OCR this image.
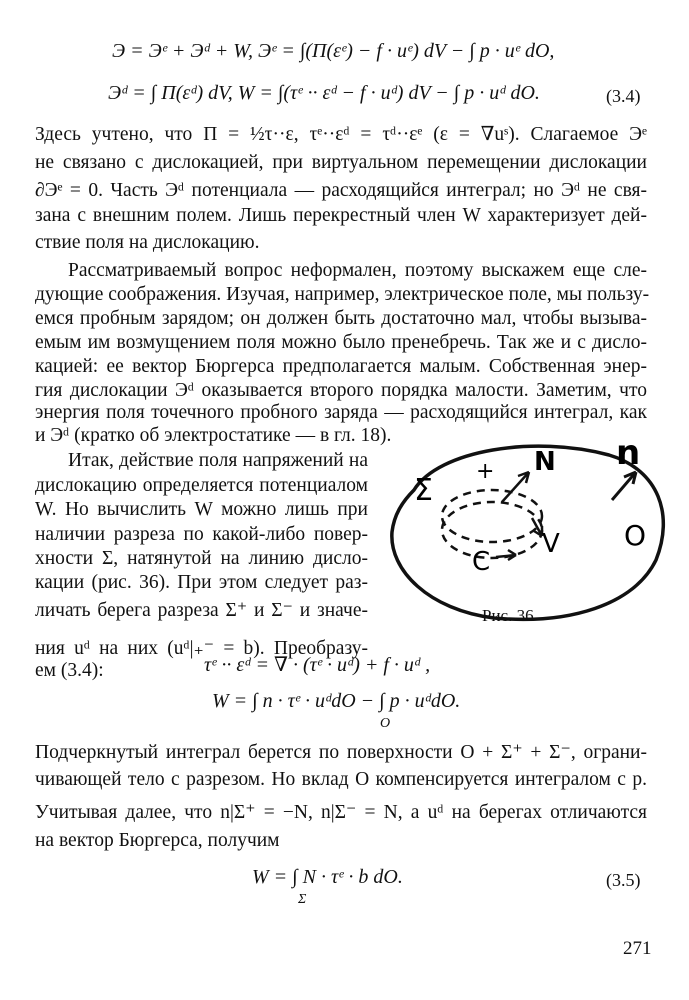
Э = Эᵉ + Эᵈ + W, Эᵉ = ∫(Π(εᵉ) − f · uᵉ) dV − ∫ p · uᵉ dO,
Эᵈ = ∫ Π(εᵈ) dV, W = ∫(τᵉ ·· εᵈ − f · uᵈ) dV − ∫ p · uᵈ dO.	(3.4)
Здесь учтено, что Π = ½τ··ε, τᵉ··εᵈ = τᵈ··εᵉ (ε = ∇uˢ). Слагаемое Эᵉ
не связано с дислокацией, при виртуальном перемещении дислокации
∂Эᵉ = 0. Часть Эᵈ потенциала — расходящийся интеграл; но Эᵈ не свя-
зана с внешним полем. Лишь перекрестный член W характеризует дей-
ствие поля на дислокацию.
Рассматриваемый вопрос неформален, поэтому выскажем еще сле-
дующие соображения. Изучая, например, электрическое поле, мы пользу-
емся пробным зарядом; он должен быть достаточно мал, чтобы вызыва-
емым им возмущением поля можно было пренебречь. Так же и с дисло-
кацией: ее вектор Бюргерса предполагается малым. Собственная энер-
гия дислокации Эᵈ оказывается второго порядка малости. Заметим, что
энергия поля точечного пробного заряда — расходящийся интеграл, как
и Эᵈ (кратко об электростатике — в гл. 18).
Итак, действие поля напряжений на
дислокацию определяется потенциалом
W. Но вычислить W можно лишь при
наличии разреза по какой-либо повер-
хности Σ, натянутой на линию дисло-
кации (рис. 36). При этом следует раз-
личать берега разреза Σ⁺ и Σ⁻ и значе-
ния uᵈ на них (uᵈ|₊⁻ = b). Преобразу-
ем (3.4):
n
O
N
Σ
+
C
V
Рис. 36
τᵉ ·· εᵈ = ∇ · (τᵉ · uᵈ) + f · uᵈ ,
W = ∫ n · τᵉ · uᵈdO − ∫ p · uᵈdO.
O
Подчеркнутый интеграл берется по поверхности O + Σ⁺ + Σ⁻, ограни-
чивающей тело с разрезом. Но вклад O компенсируется интегралом с p.
Учитывая далее, что n|Σ⁺ = −N, n|Σ⁻ = N, а uᵈ на берегах отличаются
на вектор Бюргерса, получим
W = ∫ N · τᵉ · b dO.
Σ
(3.5)
271
